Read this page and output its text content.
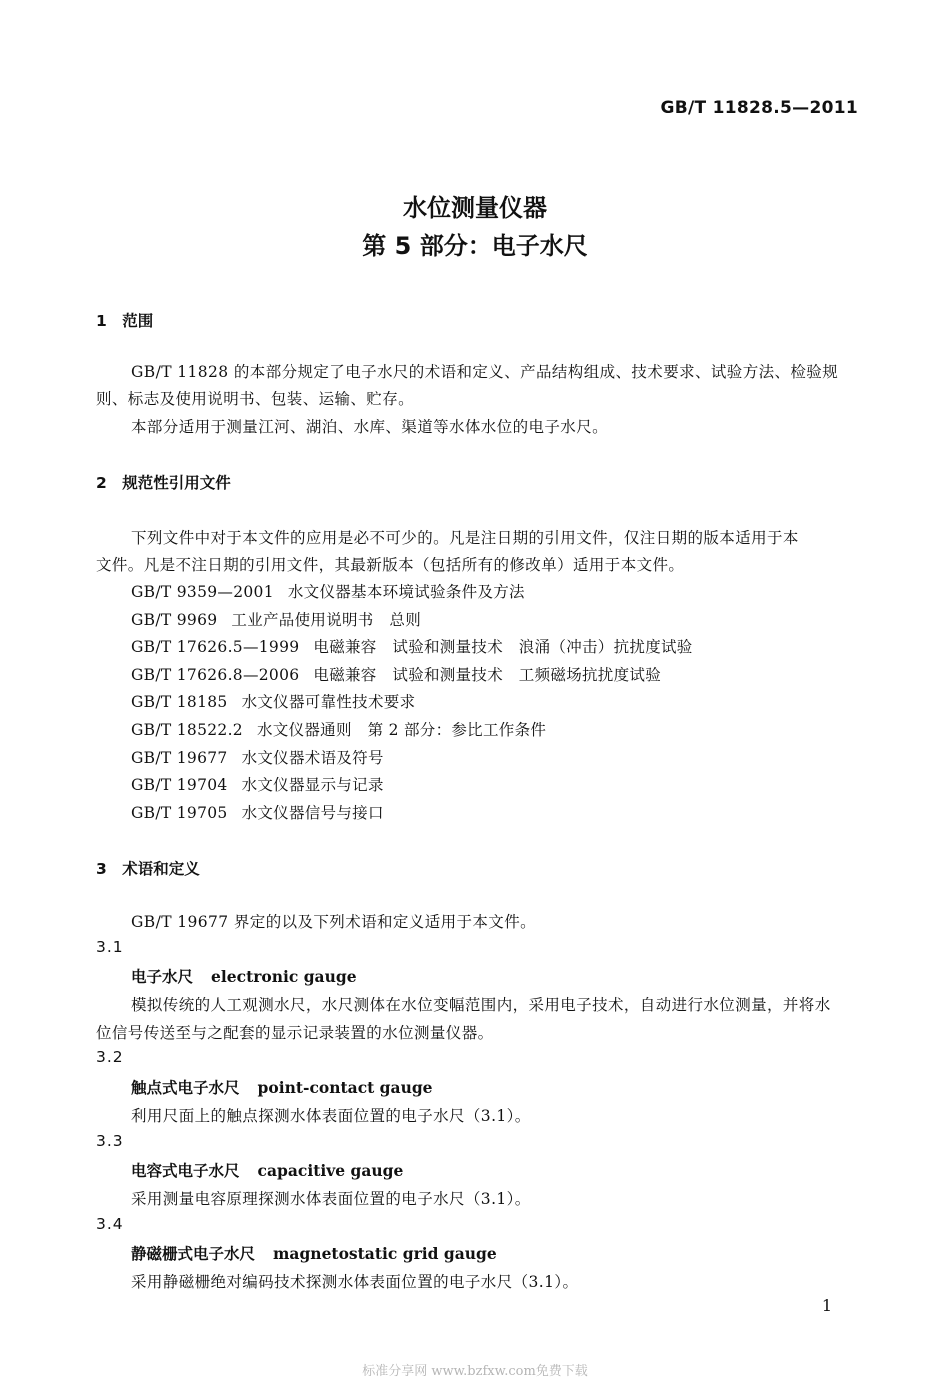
GB/T 11828.5—2011
水位测量仪器
第 5 部分：电子水尺
1　范围
GB/T 11828 的本部分规定了电子水尺的术语和定义、产品结构组成、技术要求、试验方法、检验规
则、标志及使用说明书、包装、运输、贮存。
本部分适用于测量江河、湖泊、水库、渠道等水体水位的电子水尺。
2　规范性引用文件
下列文件中对于本文件的应用是必不可少的。凡是注日期的引用文件，仅注日期的版本适用于本
文件。凡是不注日期的引用文件，其最新版本（包括所有的修改单）适用于本文件。
GB/T 9359—2001 水文仪器基本环境试验条件及方法
GB/T 9969 工业产品使用说明书　总则
GB/T 17626.5—1999 电磁兼容　试验和测量技术　浪涌（冲击）抗扰度试验
GB/T 17626.8—2006 电磁兼容　试验和测量技术　工频磁场抗扰度试验
GB/T 18185 水文仪器可靠性技术要求
GB/T 18522.2 水文仪器通则　第 2 部分：参比工作条件
GB/T 19677 水文仪器术语及符号
GB/T 19704 水文仪器显示与记录
GB/T 19705 水文仪器信号与接口
3　术语和定义
GB/T 19677 界定的以及下列术语和定义适用于本文件。
3.1
电子水尺 electronic gauge
模拟传统的人工观测水尺，水尺测体在水位变幅范围内，采用电子技术，自动进行水位测量，并将水
位信号传送至与之配套的显示记录装置的水位测量仪器。
3.2
触点式电子水尺 point-contact gauge
利用尺面上的触点探测水体表面位置的电子水尺（3.1）。
3.3
电容式电子水尺 capacitive gauge
采用测量电容原理探测水体表面位置的电子水尺（3.1）。
3.4
静磁栅式电子水尺 magnetostatic grid gauge
采用静磁栅绝对编码技术探测水体表面位置的电子水尺（3.1）。
1
标准分享网 www.bzfxw.com免费下载
